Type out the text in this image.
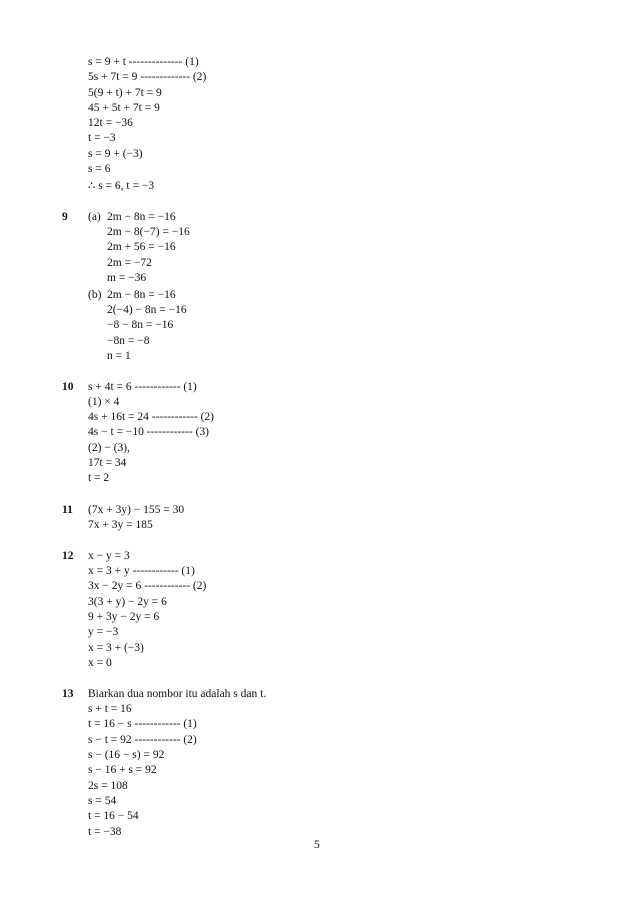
s = 9 + t -------------- (1)
5s + 7t = 9 ------------- (2)
5(9 + t) + 7t = 9
45 + 5t + 7t = 9
12t = −36
t = −3
s = 9 + (−3)
s = 6
∴ s = 6, t = −3
9 (a) 2m − 8n = −16
2m − 8(−7) = −16
2m + 56 = −16
2m = −72
m = −36
(b) 2m − 8n = −16
2(−4) − 8n = −16
−8 − 8n = −16
−8n = −8
n = 1
10 s + 4t = 6 ------------ (1)
(1) × 4
4s + 16t = 24 ------------ (2)
4s − t = −10 ------------ (3)
(2) − (3),
17t = 34
t = 2
11 (7x + 3y) − 155 = 30
7x + 3y = 185
12 x − y = 3
x = 3 + y ------------ (1)
3x − 2y = 6 ------------ (2)
3(3 + y) − 2y = 6
9 + 3y − 2y = 6
y = −3
x = 3 + (−3)
x = 0
13 Biarkan dua nombor itu adalah s dan t.
s + t = 16
t = 16 − s ------------ (1)
s − t = 92 ------------ (2)
s − (16 − s) = 92
s − 16 + s = 92
2s = 108
s = 54
t = 16 − 54
t = −38
5
